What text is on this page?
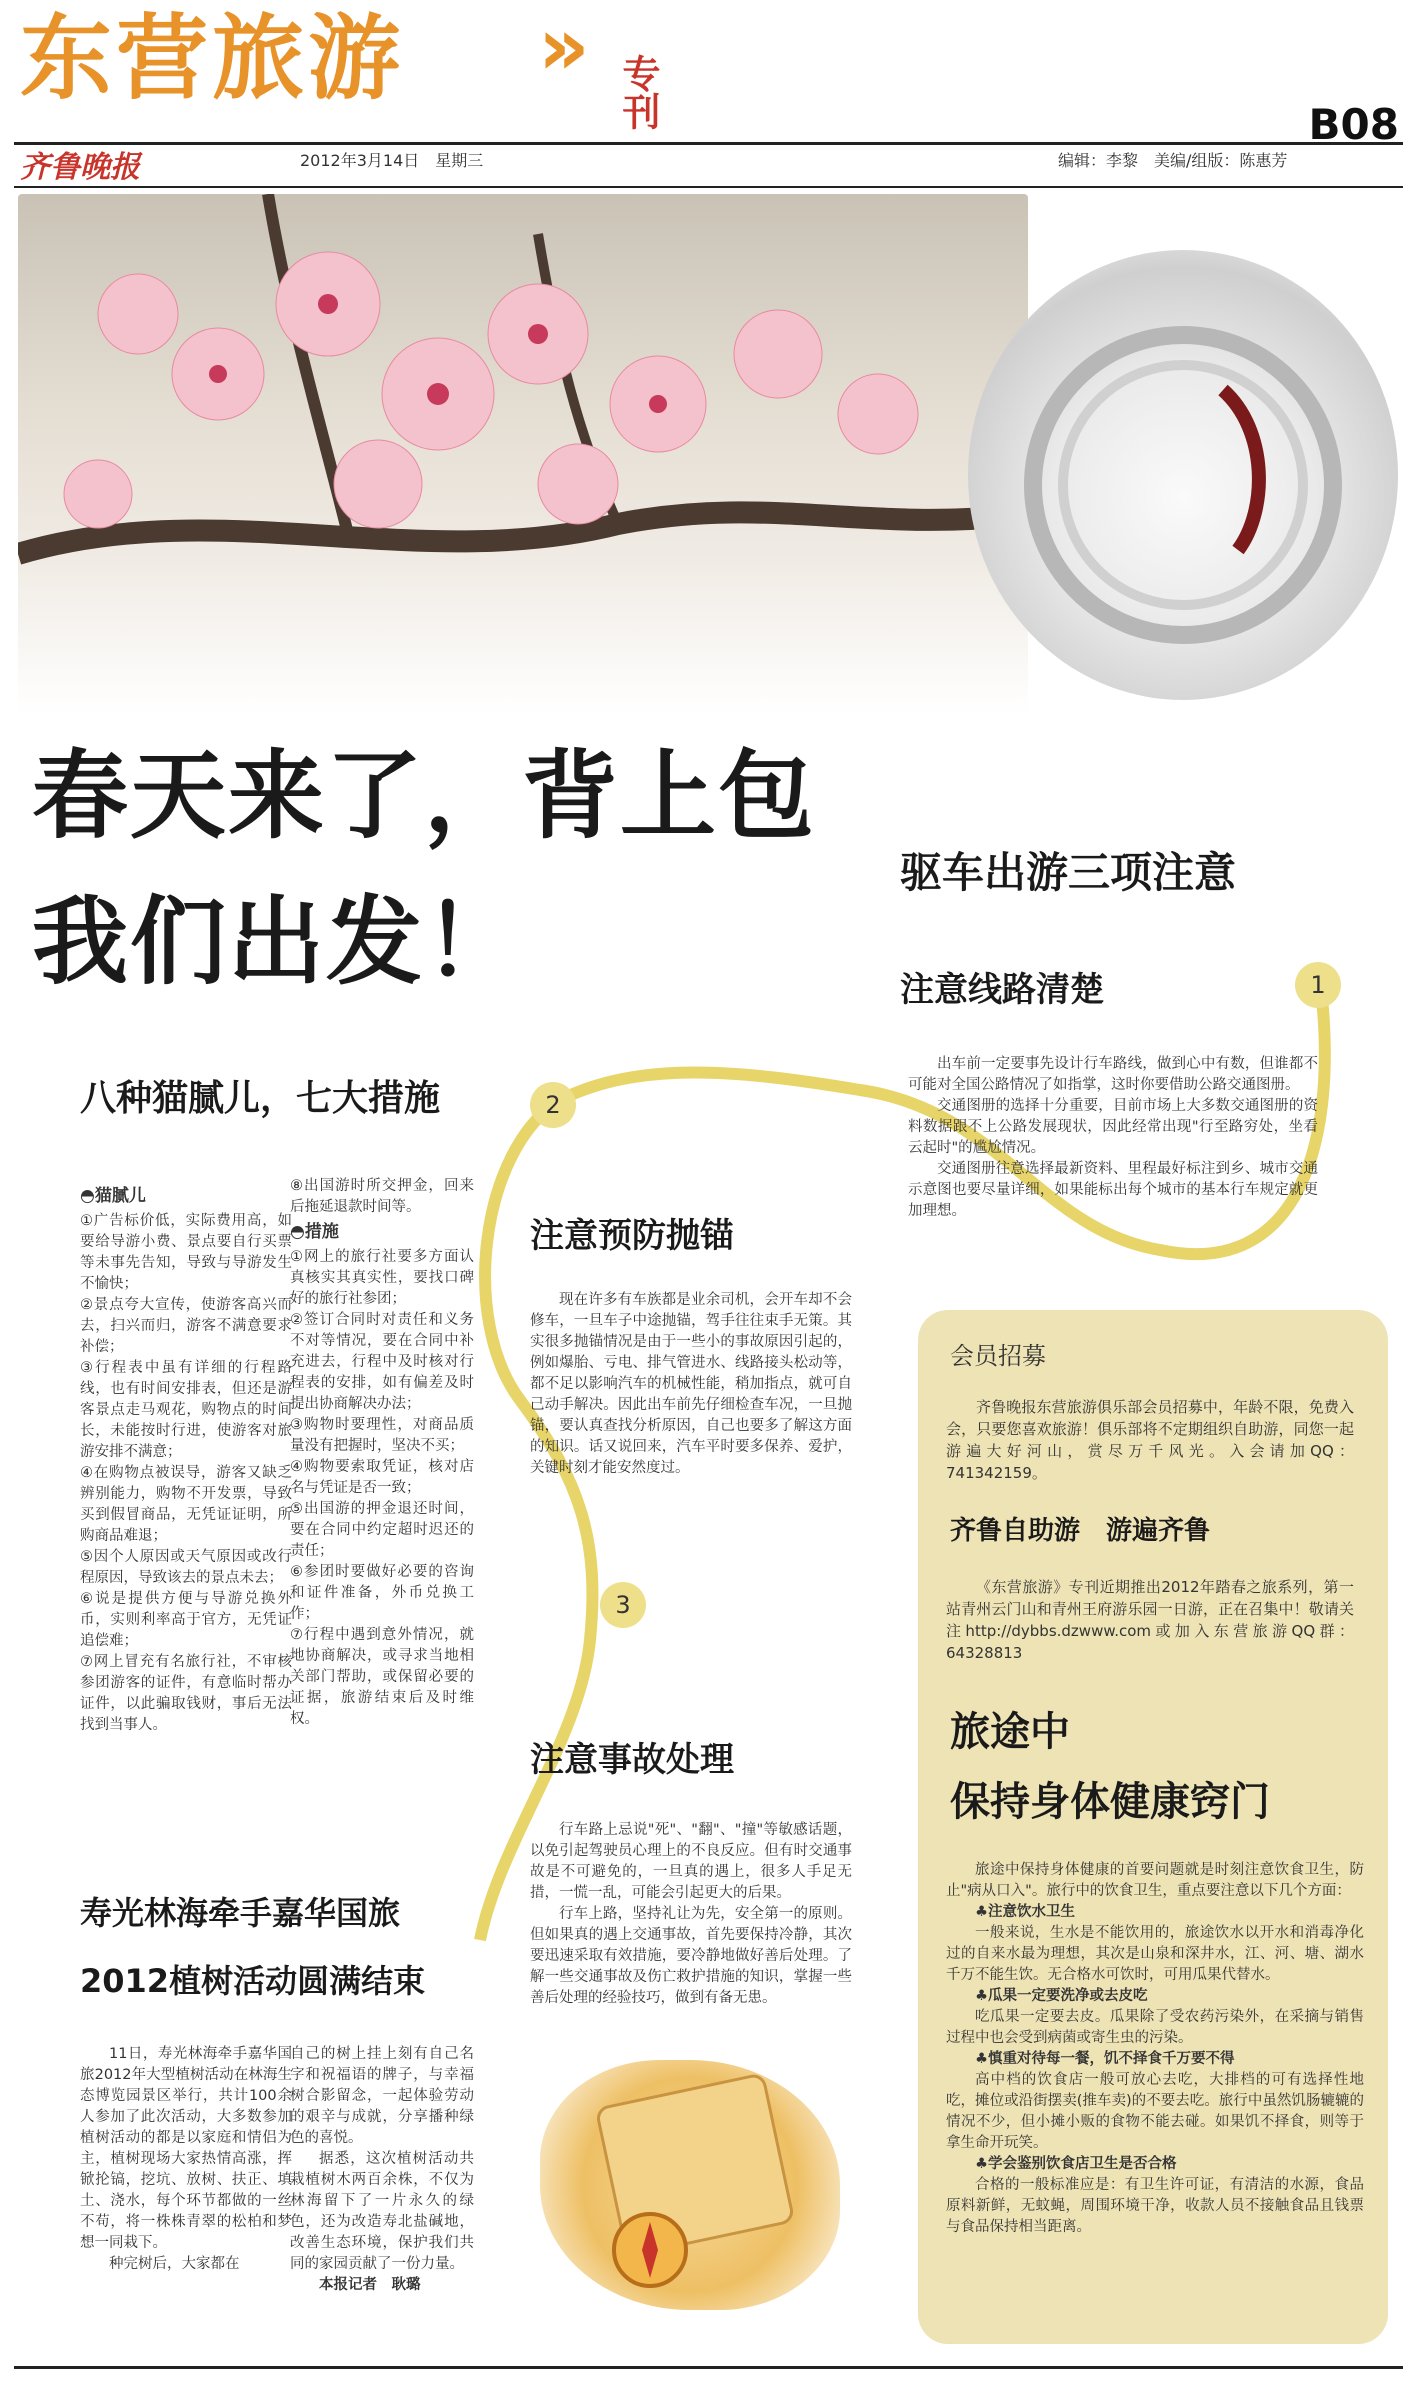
东营旅游 » 专刊
齐鲁晚报	2012年3月14日　星期三	编辑：李黎　美编/组版：陈惠芳
B08
春天来了，背上包
我们出发！
驱车出游三项注意
1
注意线路清楚

出车前一定要事先设计行车路线，做到心中有数，但谁都不可能对全国公路情况了如指掌，这时你要借助公路交通图册。

交通图册的选择十分重要，目前市场上大多数交通图册的资料数据跟不上公路发展现状，因此经常出现"行至路穷处，坐看云起时"的尴尬情况。

交通图册往意选择最新资料、里程最好标注到乡、城市交通示意图也要尽量详细，如果能标出每个城市的基本行车规定就更加理想。

2
注意预防抛锚

现在许多有车族都是业余司机，会开车却不会修车，一旦车子中途抛锚，驾手往往束手无策。其实很多抛锚情况是由于一些小的事故原因引起的，例如爆胎、亏电、排气管进水、线路接头松动等，都不足以影响汽车的机械性能，稍加指点，就可自己动手解决。因此出车前先仔细检查车况，一旦抛锚，要认真查找分析原因，自己也要多了解这方面的知识。话又说回来，汽车平时要多保养、爱护，关键时刻才能安然度过。

3
注意事故处理

行车路上忌说"死"、"翻"、"撞"等敏感话题，以免引起驾驶员心理上的不良反应。但有时交通事故是不可避免的，一旦真的遇上，很多人手足无措，一慌一乱，可能会引起更大的后果。

行车上路，坚持礼让为先，安全第一的原则。但如果真的遇上交通事故，首先要保持冷静，其次要迅速采取有效措施，要冷静地做好善后处理。了解一些交通事故及伤亡救护措施的知识，掌握一些善后处理的经验技巧，做到有备无患。

八种猫腻儿，七大措施

◓猫腻儿

①广告标价低，实际费用高，如要给导游小费、景点要自行买票等未事先告知，导致与导游发生不愉快；

②景点夸大宣传，使游客高兴而去，扫兴而归，游客不满意要求补偿；

③行程表中虽有详细的行程路线，也有时间安排表，但还是游客景点走马观花，购物点的时间长，未能按时行进，使游客对旅游安排不满意；

④在购物点被误导，游客又缺乏辨别能力，购物不开发票，导致买到假冒商品，无凭证证明，所购商品难退；

⑤因个人原因或天气原因或改行程原因，导致该去的景点未去；

⑥说是提供方便与导游兑换外币，实则利率高于官方，无凭证追偿难；

⑦网上冒充有名旅行社，不审核参团游客的证件，有意临时帮办证件，以此骗取钱财，事后无法找到当事人。

⑧出国游时所交押金，回来后拖延退款时间等。

◓措施

①网上的旅行社要多方面认真核实其真实性，要找口碑好的旅行社参团；

②签订合同时对责任和义务不对等情况，要在合同中补充进去，行程中及时核对行程表的安排，如有偏差及时提出协商解决办法；

③购物时要理性，对商品质量没有把握时，坚决不买；

④购物要索取凭证，核对店名与凭证是否一致；

⑤出国游的押金退还时间，要在合同中约定超时迟还的责任；

⑥参团时要做好必要的咨询和证件准备，外币兑换工作；

⑦行程中遇到意外情况，就地协商解决，或寻求当地相关部门帮助，或保留必要的证据，旅游结束后及时维权。

寿光林海牵手嘉华国旅
2012植树活动圆满结束

11日，寿光林海牵手嘉华国旅2012年大型植树活动在林海生态博览园景区举行，共计100余人参加了此次活动，大多数参加植树活动的都是以家庭和情侣为主，植树现场大家热情高涨，挥锨抡镐，挖坑、放树、扶正、填土、浇水，每个环节都做的一丝不苟，将一株株青翠的松柏和梦想一同栽下。

种完树后，大家都在

自己的树上挂上刻有自己名字和祝福语的牌子，与幸福树合影留念，一起体验劳动的艰辛与成就，分享播种绿色的喜悦。

据悉，这次植树活动共栽植树木两百余株，不仅为林海留下了一片永久的绿色，还为改造寿北盐碱地，改善生态环境，保护我们共同的家园贡献了一份力量。

本报记者　耿璐

会员招募

齐鲁晚报东营旅游俱乐部会员招募中，年龄不限，免费入会，只要您喜欢旅游！俱乐部将不定期组织自助游，同您一起游遍大好河山，赏尽万千风光。入会请加QQ：741342159。

齐鲁自助游　游遍齐鲁

《东营旅游》专刊近期推出2012年踏春之旅系列，第一站青州云门山和青州王府游乐园一日游，正在召集中！敬请关注http://dybbs.dzwww.com或加入东营旅游QQ群：64328813

旅途中
保持身体健康窍门

旅途中保持身体健康的首要问题就是时刻注意饮食卫生，防止"病从口入"。旅行中的饮食卫生，重点要注意以下几个方面：

♣注意饮水卫生

一般来说，生水是不能饮用的，旅途饮水以开水和消毒净化过的自来水最为理想，其次是山泉和深井水，江、河、塘、湖水千万不能生饮。无合格水可饮时，可用瓜果代替水。

♣瓜果一定要洗净或去皮吃

吃瓜果一定要去皮。瓜果除了受农药污染外，在采摘与销售过程中也会受到病菌或寄生虫的污染。

♣慎重对待每一餐，饥不择食千万要不得

高中档的饮食店一般可放心去吃，大排档的可有选择性地吃，摊位或沿街摆卖(推车卖)的不要去吃。旅行中虽然饥肠辘辘的情况不少，但小摊小贩的食物不能去碰。如果饥不择食，则等于拿生命开玩笑。

♣学会鉴别饮食店卫生是否合格

合格的一般标准应是：有卫生许可证，有清洁的水源，食品原料新鲜，无蚊蝇，周围环境干净，收款人员不接触食品且钱票与食品保持相当距离。
